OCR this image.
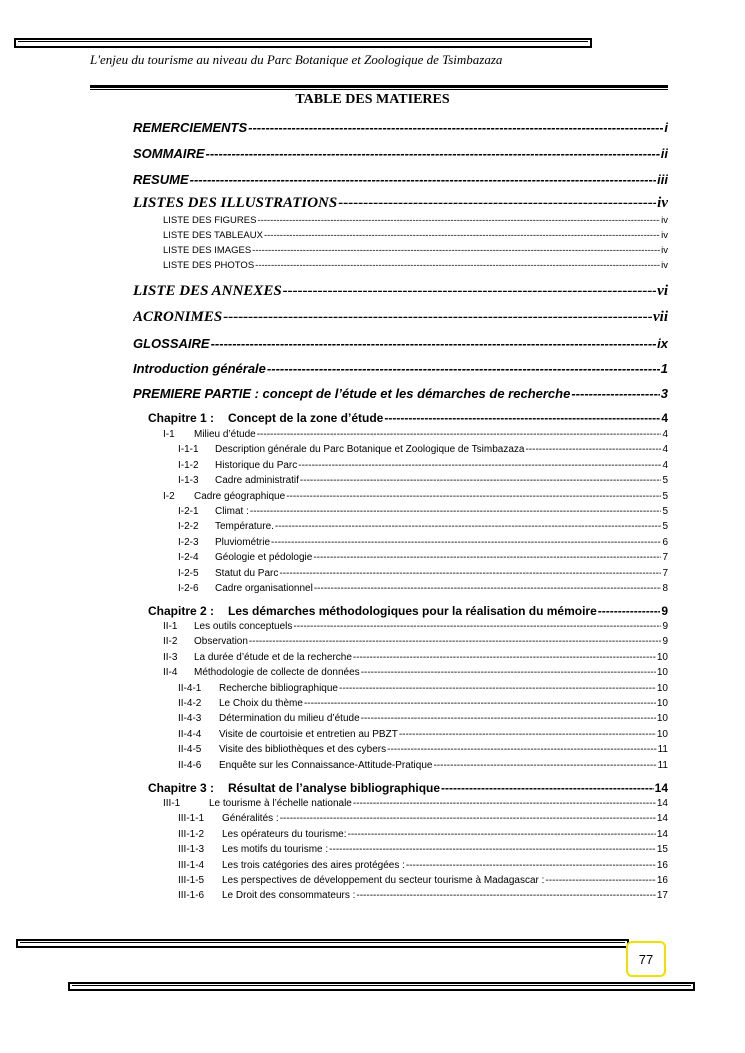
L'enjeu du tourisme au niveau du Parc Botanique et Zoologique de Tsimbazaza
TABLE DES MATIERES
REMERCIEMENTS -----	i
SOMMAIRE -----	ii
RESUME -----	iii
LISTES DES ILLUSTRATIONS -----	iv
LISTE DES FIGURES -----	iv
LISTE DES TABLEAUX -----	iv
LISTE DES IMAGES -----	iv
LISTE DES PHOTOS -----	iv
LISTE DES ANNEXES -----	vi
ACRONIMES -----	vii
GLOSSAIRE -----	ix
Introduction générale -----	1
PREMIERE PARTIE : concept de l’étude et les démarches de recherche -----	3
Chapitre 1 : Concept de la zone d’étude -----	4
I-1 Milieu d’étude -----	4
I-1-1 Description générale du Parc Botanique et Zoologique de Tsimbazaza -----	4
I-1-2 Historique du Parc -----	4
I-1-3 Cadre administratif -----	5
I-2 Cadre géographique -----	5
I-2-1 Climat : -----	5
I-2-2 Température. -----	5
I-2-3 Pluviométrie -----	6
I-2-4 Géologie et pédologie -----	7
I-2-5 Statut du Parc -----	7
I-2-6 Cadre organisationnel -----	8
Chapitre 2 : Les démarches méthodologiques pour la réalisation du mémoire -----	9
II-1 Les outils conceptuels -----	9
II-2 Observation -----	9
II-3 La durée d’étude et de la recherche -----	10
II-4 Méthodologie de collecte de données -----	10
II-4-1 Recherche bibliographique -----	10
II-4-2 Le Choix du thème -----	10
II-4-3 Détermination du milieu d’étude -----	10
II-4-4 Visite de courtoisie et entretien au PBZT -----	10
II-4-5 Visite des bibliothèques et des cybers -----	11
II-4-6 Enquête sur les Connaissance-Attitude-Pratique -----	11
Chapitre 3 : Résultat de l’analyse bibliographique -----	14
III-1	Le tourisme à l’échelle nationale -----	14
III-1-1 Généralités : -----	14
III-1-2 Les opérateurs du tourisme: -----	14
III-1-3 Les motifs du tourisme : -----	15
III-1-4 Les trois catégories des aires protégées : -----	16
III-1-5 Les perspectives de développement du secteur tourisme à Madagascar : -----	16
III-1-6 Le Droit des consommateurs : -----	17
77
